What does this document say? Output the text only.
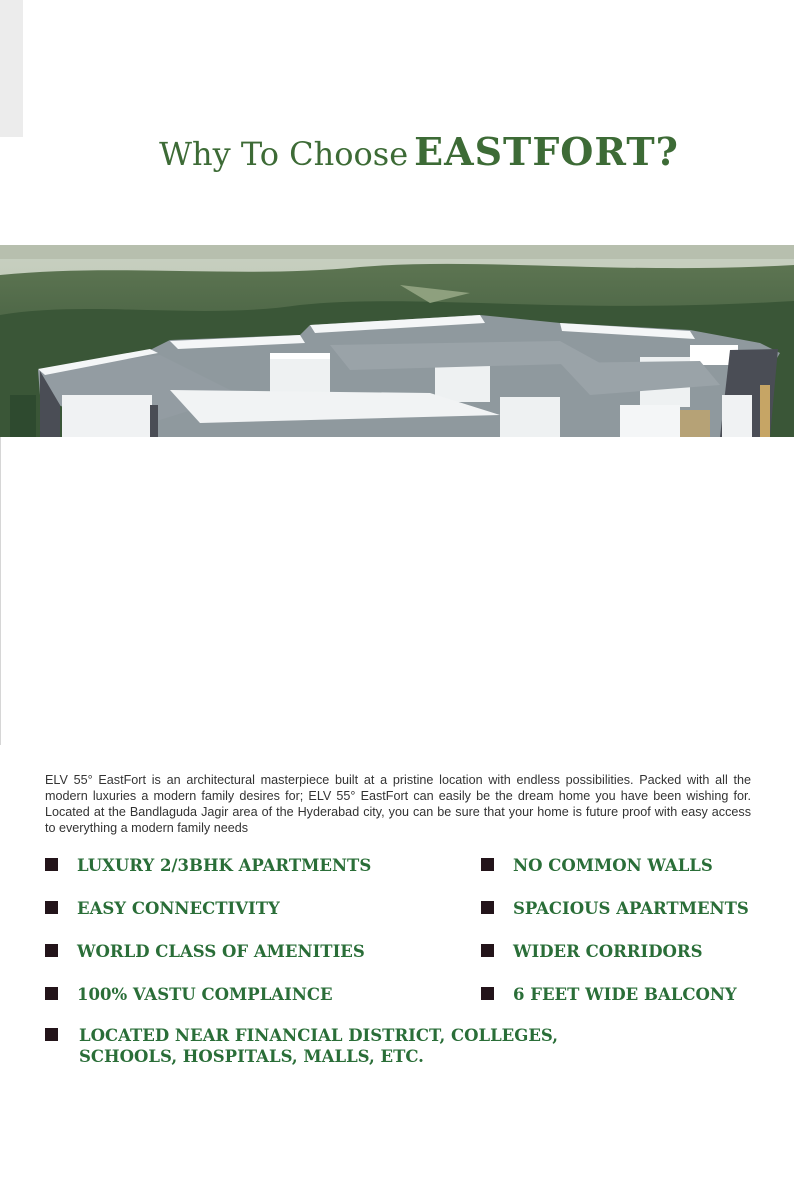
Why To Choose EASTFORT?

ELV 55° EastFort is an architectural masterpiece built at a pristine location with endless possibilities. Packed with all the modern luxuries a modern family desires for; ELV 55° EastFort can easily be the dream home you have been wishing for. Located at the Bandlaguda Jagir area of the Hyderabad city, you can be sure that your home is future proof with easy access to everything a modern family needs

LUXURY 2/3BHK APARTMENTS
EASY CONNECTIVITY
WORLD CLASS OF AMENITIES
100% VASTU COMPLAINCE
NO COMMON WALLS
SPACIOUS APARTMENTS
WIDER CORRIDORS
6 FEET WIDE BALCONY
LOCATED NEAR FINANCIAL DISTRICT, COLLEGES, SCHOOLS, HOSPITALS, MALLS, ETC.
